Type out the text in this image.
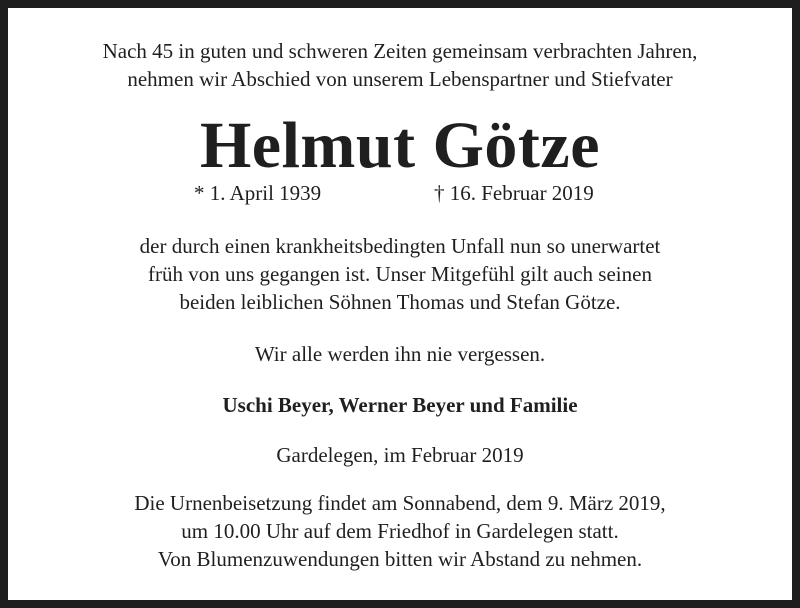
Nach 45 in guten und schweren Zeiten gemeinsam verbrachten Jahren,
nehmen wir Abschied von unserem Lebenspartner und Stiefvater
Helmut Götze
* 1. April 1939	† 16. Februar 2019
der durch einen krankheitsbedingten Unfall nun so unerwartet
früh von uns gegangen ist. Unser Mitgefühl gilt auch seinen
beiden leiblichen Söhnen Thomas und Stefan Götze.
Wir alle werden ihn nie vergessen.
Uschi Beyer, Werner Beyer und Familie
Gardelegen, im Februar 2019
Die Urnenbeisetzung findet am Sonnabend, dem 9. März 2019,
um 10.00 Uhr auf dem Friedhof in Gardelegen statt.
Von Blumenzuwendungen bitten wir Abstand zu nehmen.
